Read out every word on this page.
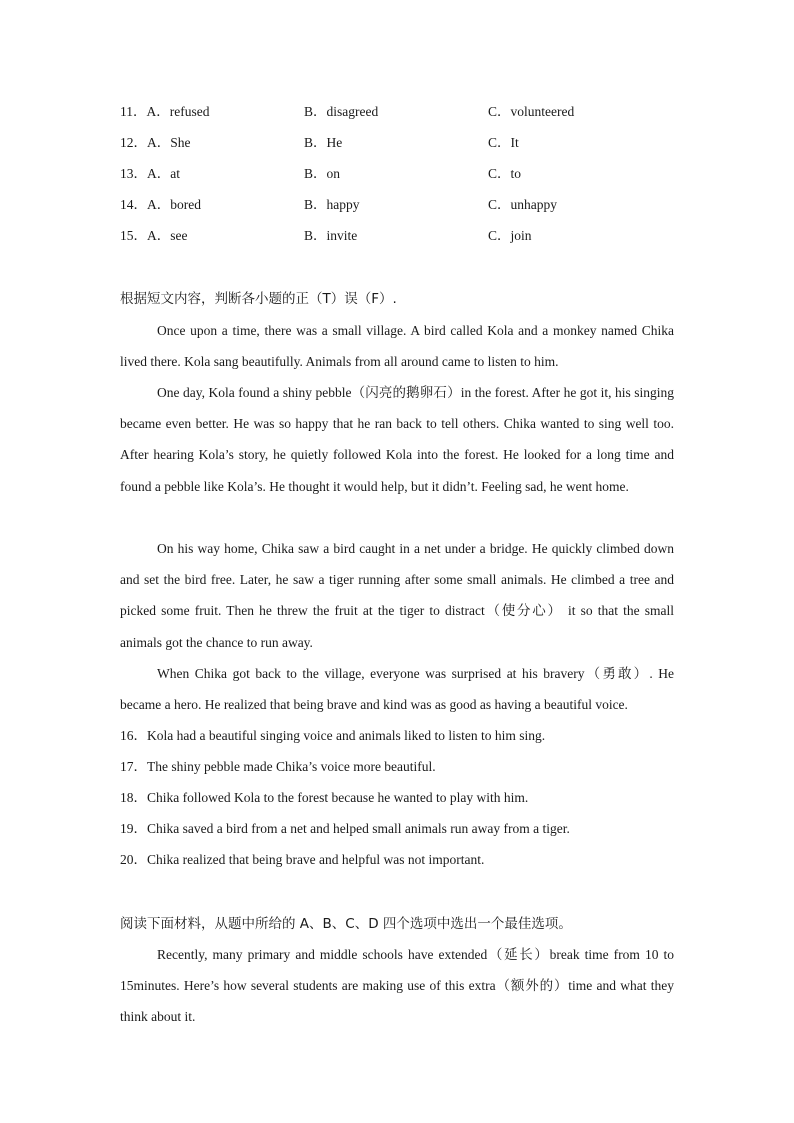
11．A．refused	B．disagreed	C．volunteered
12．A．She	B．He	C．It
13．A．at	B．on	C．to
14．A．bored	B．happy	C．unhappy
15．A．see	B．invite	C．join
根据短文内容，判断各小题的正（T）误（F）.
Once upon a time, there was a small village. A bird called Kola and a monkey named Chika lived there. Kola sang beautifully. Animals from all around came to listen to him.
One day, Kola found a shiny pebble（闪亮的鹅卵石）in the forest. After he got it, his singing became even better. He was so happy that he ran back to tell others. Chika wanted to sing well too. After hearing Kola’s story, he quietly followed Kola into the forest. He looked for a long time and found a pebble like Kola’s. He thought it would help, but it didn’t. Feeling sad, he went home.
On his way home, Chika saw a bird caught in a net under a bridge. He quickly climbed down and set the bird free. Later, he saw a tiger running after some small animals. He climbed a tree and picked some fruit. Then he threw the fruit at the tiger to distract（使分心） it so that the small animals got the chance to run away.
When Chika got back to the village, everyone was surprised at his bravery（勇敢）. He became a hero. He realized that being brave and kind was as good as having a beautiful voice.
16．Kola had a beautiful singing voice and animals liked to listen to him sing.
17．The shiny pebble made Chika’s voice more beautiful.
18．Chika followed Kola to the forest because he wanted to play with him.
19．Chika saved a bird from a net and helped small animals run away from a tiger.
20．Chika realized that being brave and helpful was not important.
阅读下面材料，从题中所给的 A、B、C、D 四个选项中选出一个最佳选项。
Recently, many primary and middle schools have extended（延长）break time from 10 to 15minutes. Here’s how several students are making use of this extra（额外的）time and what they think about it.
